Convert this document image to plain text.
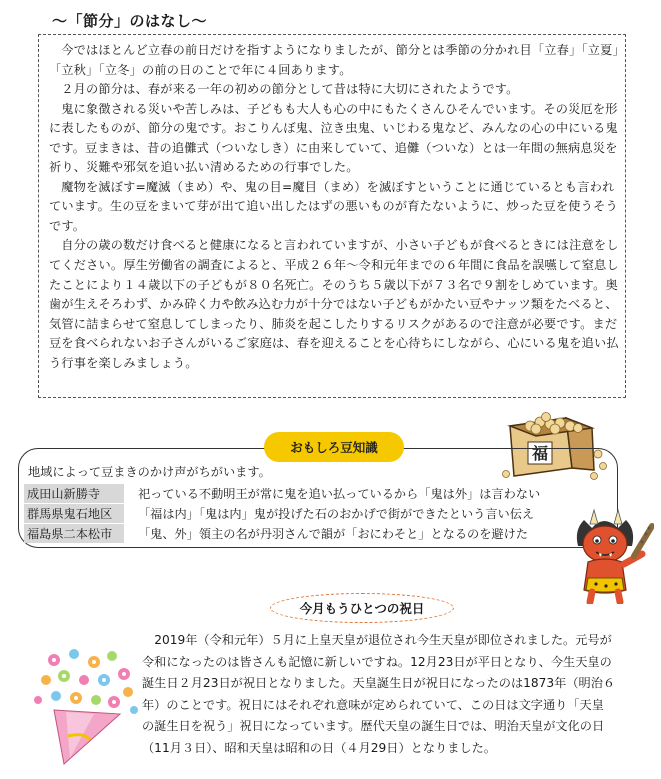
～「節分」のはなし～

今ではほとんど立春の前日だけを指すようになりましたが、節分とは季節の分かれ目「立春」「立夏」「立秋」「立冬」の前の日のことで年に４回あります。

２月の節分は、春が来る一年の初めの節分として昔は特に大切にされたようです。

鬼に象徴される災いや苦しみは、子どもも大人も心の中にもたくさんひそんでいます。その災厄を形に表したものが、節分の鬼です。おこりんぼ鬼、泣き虫鬼、いじわる鬼など、みんなの心の中にいる鬼です。豆まきは、昔の追儺式（ついなしき）に由来していて、追儺（ついな）とは一年間の無病息災を祈り、災難や邪気を追い払い清めるための行事でした。

魔物を滅ぼす=魔滅（まめ）や、鬼の目=魔目（まめ）を滅ぼすということに通じているとも言われています。生の豆をまいて芽が出て追い出したはずの悪いものが育たないように、炒った豆を使うそうです。

自分の歳の数だけ食べると健康になると言われていますが、小さい子どもが食べるときには注意をしてください。厚生労働省の調査によると、平成２６年～令和元年までの６年間に食品を誤嚥して窒息したことにより１４歳以下の子どもが８０名死亡。そのうち５歳以下が７３名で９割をしめています。奥歯が生えそろわず、かみ砕く力や飲み込む力が十分ではない子どもがかたい豆やナッツ類をたべると、気管に詰まらせて窒息してしまったり、肺炎を起こしたりするリスクがあるので注意が必要です。まだ豆を食べられないお子さんがいるご家庭は、春を迎えることを心待ちにしながら、心にいる鬼を追い払う行事を楽しみましょう。

福
おもしろ豆知識
地域によって豆まきのかけ声がちがいます。
成田山新勝寺	祀っている不動明王が常に鬼を追い払っているから「鬼は外」は言わない
群馬県鬼石地区	「福は内」「鬼は内」鬼が投げた石のおかげで街ができたという言い伝え
福島県二本松市	「鬼、外」領主の名が丹羽さんで韻が「おにわそと」となるのを避けた
今月もうひとつの祝日

2019年（令和元年）５月に上皇天皇が退位され今生天皇が即位されました。元号が令和になったのは皆さんも記憶に新しいですね。12月23日が平日となり、今生天皇の誕生日２月23日が祝日となりました。天皇誕生日が祝日になったのは1873年（明治６年）のことです。祝日にはそれぞれ意味が定められていて、この日は文字通り「天皇の誕生日を祝う」祝日になっています。歴代天皇の誕生日では、明治天皇が文化の日（11月３日）、昭和天皇は昭和の日（４月29日）となりました。
